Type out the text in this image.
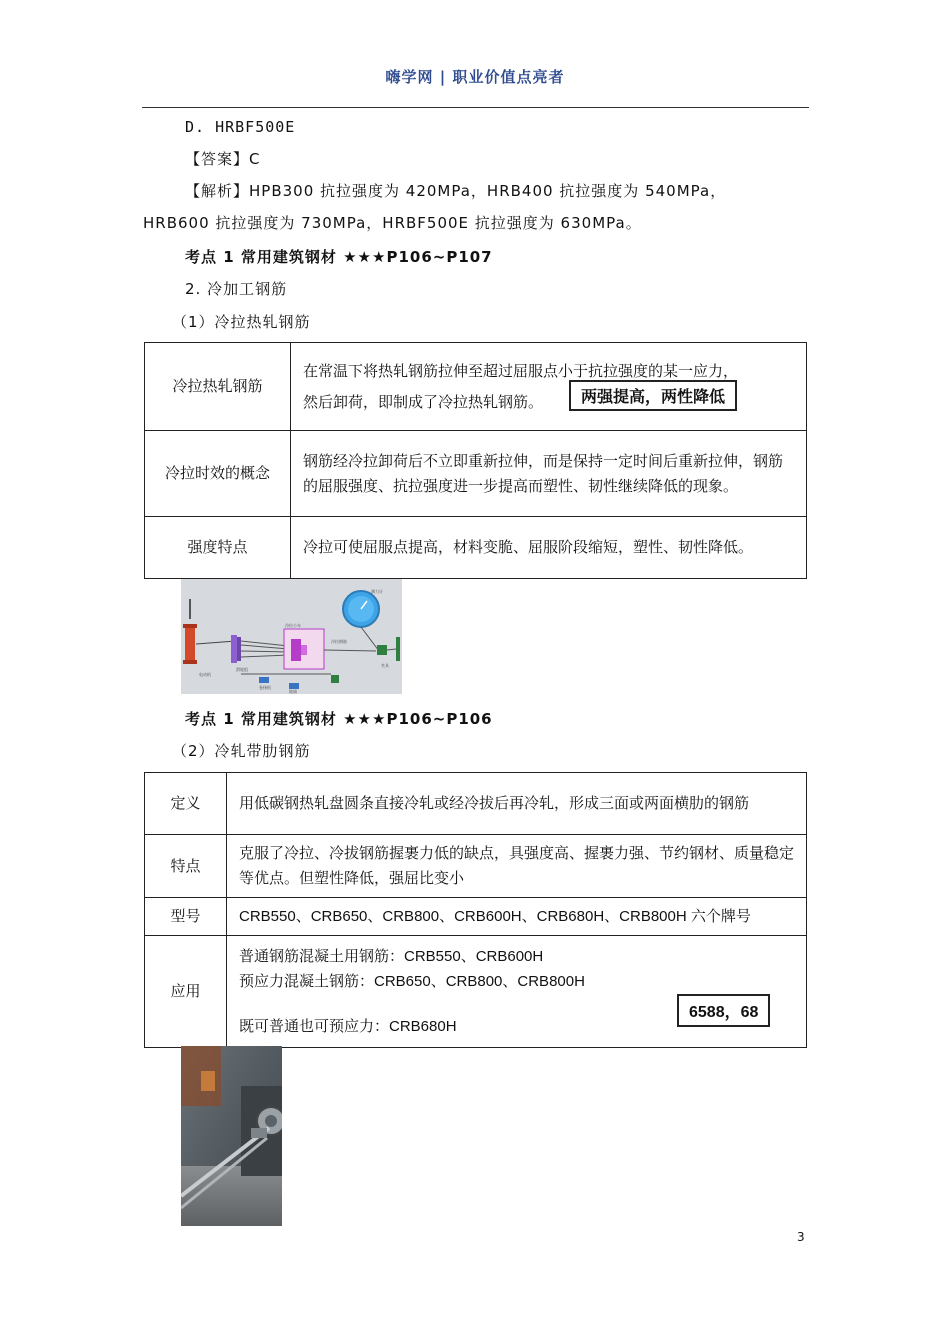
嗨学网 | 职业价值点亮者
D. HRBF500E
【答案】C
【解析】HPB300 抗拉强度为 420MPa，HRB400 抗拉强度为 540MPa，
HRB600 抗拉强度为 730MPa，HRBF500E 抗拉强度为 630MPa。
考点 1 常用建筑钢材 ★★★P106~P107
2. 冷加工钢筋
（1）冷拉热轧钢筋
冷拉热轧钢筋	在常温下将热轧钢筋拉伸至超过屈服点小于抗拉强度的某一应力，
然后卸荷，即制成了冷拉热轧钢筋。

冷拉时效的概念	钢筋经冷拉卸荷后不立即重新拉伸，而是保持一定时间后重新拉伸，钢筋的屈服强度、抗拉强度进一步提高而塑性、韧性继续降低的现象。
强度特点	冷拉可使屈服点提高，材料变脆、屈服阶段缩短，塑性、韧性降低。
两强提高，两性降低
电动机
冷拉小车
测力计
冷拉钢筋
滑轮组
卷扬机
夹具
地锚
考点 1 常用建筑钢材 ★★★P106~P106
（2）冷轧带肋钢筋
定义	用低碳钢热轧盘圆条直接冷轧或经冷拔后再冷轧，形成三面或两面横肋的钢筋
特点	克服了冷拉、冷拔钢筋握裹力低的缺点，具强度高、握裹力强、节约钢材、质量稳定等优点。但塑性降低，强屈比变小
型号	CRB550、CRB650、CRB800、CRB600H、CRB680H、CRB800H 六个牌号
应用	普通钢筋混凝土用钢筋：CRB550、CRB600H
预应力混凝土钢筋：CRB650、CRB800、CRB800H
既可普通也可预应力：CRB680H
6588，68
3
